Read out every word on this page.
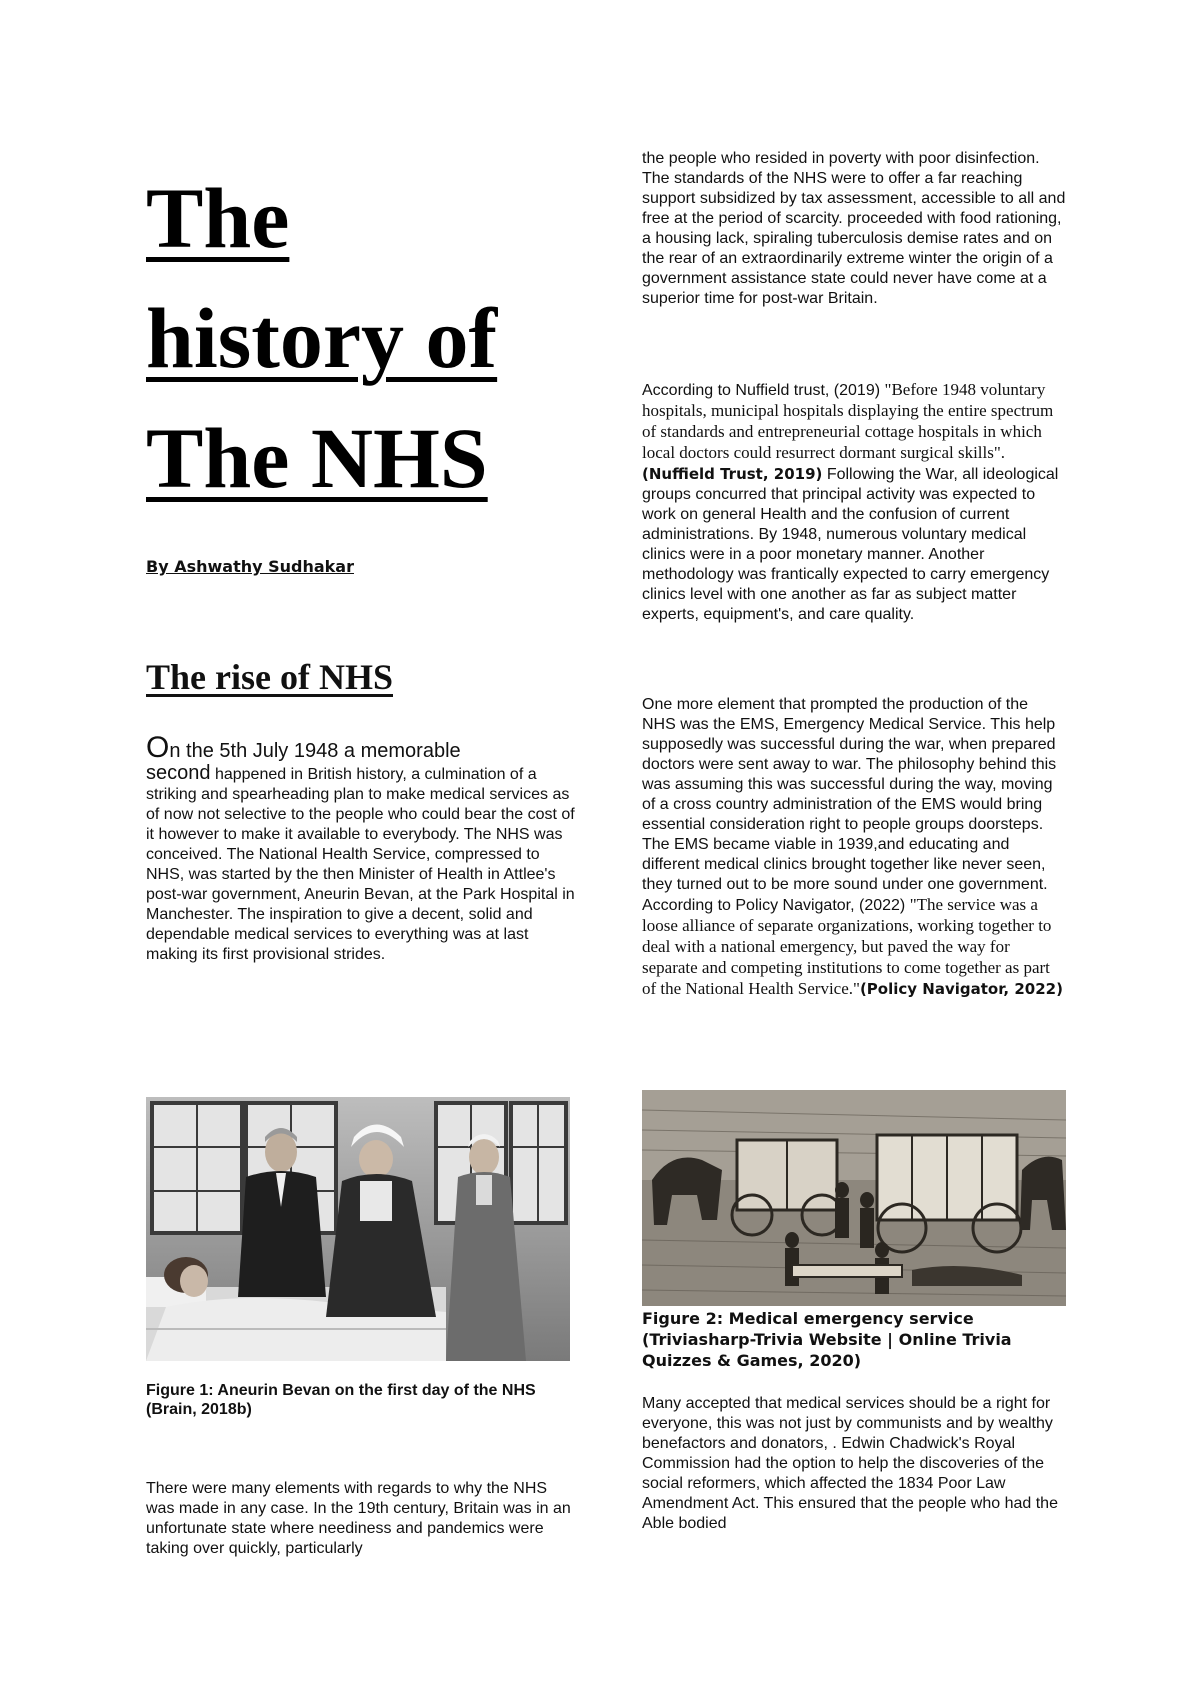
The
history of
The NHS

By Ashwathy Sudhakar

The rise of NHS

On the 5th July 1948 a memorable
second happened in British history, a culmination of a striking and spearheading plan to make medical services as of now not selective to the people who could bear the cost of it however to make it available to everybody. The NHS was conceived. The National Health Service, compressed to NHS, was started by the then Minister of Health in Attlee's post-war government, Aneurin Bevan, at the Park Hospital in Manchester. The inspiration to give a decent, solid and dependable medical services to everything was at last making its first provisional strides.

Figure 1: Aneurin Bevan on the first day of the NHS
(Brain, 2018b)

There were many elements with regards to why the NHS was made in any case. In the 19th century, Britain was in an unfortunate state where neediness and pandemics were taking over quickly, particularly

the people who resided in poverty with poor disinfection.

The standards of the NHS were to offer a far reaching support subsidized by tax assessment, accessible to all and free at the period of scarcity. proceeded with food rationing, a housing lack, spiraling tuberculosis demise rates and on the rear of an extraordinarily extreme winter the origin of a government assistance state could never have come at a superior time for post-war Britain.

According to Nuffield trust, (2019) "Before 1948 voluntary hospitals, municipal hospitals displaying the entire spectrum of standards and entrepreneurial cottage hospitals in which local doctors could resurrect dormant surgical skills".
(Nuffield Trust, 2019) Following the War, all ideological groups concurred that principal activity was expected to work on general Health and the confusion of current administrations. By 1948, numerous voluntary medical clinics were in a poor monetary manner. Another methodology was frantically expected to carry emergency clinics level with one another as far as subject matter experts, equipment's, and care quality.

One more element that prompted the production of the NHS was the EMS, Emergency Medical Service. This help supposedly was successful during the war, when prepared doctors were sent away to war. The philosophy behind this was assuming this was successful during the way, moving of a cross country administration of the EMS would bring essential consideration right to people groups doorsteps. The EMS became viable in 1939,and educating and different medical clinics brought together like never seen, they turned out to be more sound under one government. According to Policy Navigator, (2022) "The service was a loose alliance of separate organizations, working together to deal with a national emergency, but paved the way for separate and competing institutions to come together as part of the National Health Service."(Policy Navigator, 2022)

Figure 2: Medical emergency service (Triviasharp-Trivia Website | Online Trivia Quizzes & Games, 2020)

Many accepted that medical services should be a right for everyone, this was not just by communists and by wealthy benefactors and donators, . Edwin Chadwick's Royal Commission had the option to help the discoveries of the social reformers, which affected the 1834 Poor Law Amendment Act. This ensured that the people who had the Able bodied
